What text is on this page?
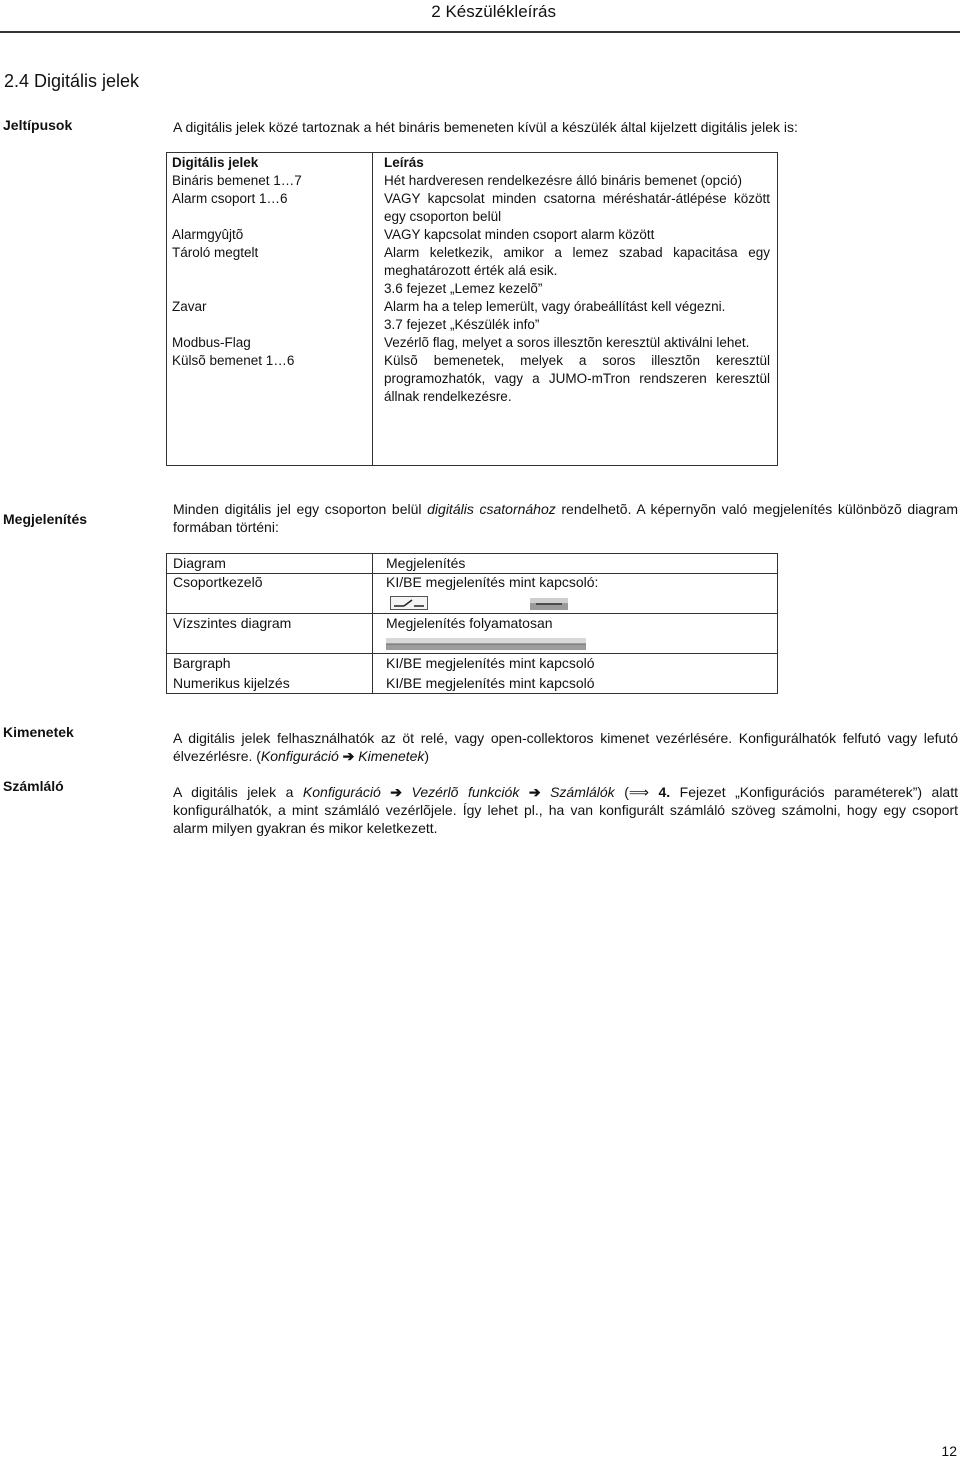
2 Készülékleírás
2.4 Digitális jelek
Jeltípusok	A digitális jelek közé tartoznak a hét bináris bemeneten kívül a készülék által kijelzett digitális jelek is:
Digitális jelek	Leírás
Bináris bemenet 1…7	Hét hardveresen rendelkezésre álló bináris bemenet (opció)
Alarm csoport 1…6	VAGY kapcsolat minden csatorna méréshatár-átlépése között egy csoporton belül
Alarmgyûjtõ	VAGY kapcsolat minden csoport alarm között
Tároló megtelt	Alarm keletkezik, amikor a lemez szabad kapacitása egy meghatározott érték alá esik.
3.6 fejezet „Lemez kezelõ”

Zavar	Alarm ha a telep lemerült, vagy órabeállítást kell végezni.
3.7 fejezet „Készülék info”

Modbus-Flag	Vezérlõ flag, melyet a soros illesztõn keresztül aktiválni lehet.
Külsõ bemenet 1…6	Külsõ bemenetek, melyek a soros illesztõn keresztül programozhatók, vagy a JUMO-mTron rendszeren keresztül állnak rendelkezésre.
Megjelenítés
Minden digitális jel egy csoporton belül digitális csatornához rendelhetõ. A képernyõn való megjelenítés különbözõ diagram formában történi:
Diagram	Megjelenítés
Csoportkezelõ	KI/BE megjelenítés mint kapcsoló:
Vízszintes diagram	Megjelenítés folyamatosan
Bargraph	KI/BE megjelenítés mint kapcsoló
Numerikus kijelzés	KI/BE megjelenítés mint kapcsoló
Kimenetek	A digitális jelek felhasználhatók az öt relé, vagy open-collektoros kimenet vezérlésére. Konfigurálhatók felfutó vagy lefutó élvezérlésre. (Konfiguráció ➔ Kimenetek)
Számláló	A digitális jelek a Konfiguráció ➔ Vezérlõ funkciók ➔ Számlálók (⟹ 4. Fejezet „Konfigurációs paraméterek”) alatt konfigurálhatók, a mint számláló vezérlõjele. Így lehet pl., ha van konfigurált számláló szöveg számolni, hogy egy csoport alarm milyen gyakran és mikor keletkezett.
12
